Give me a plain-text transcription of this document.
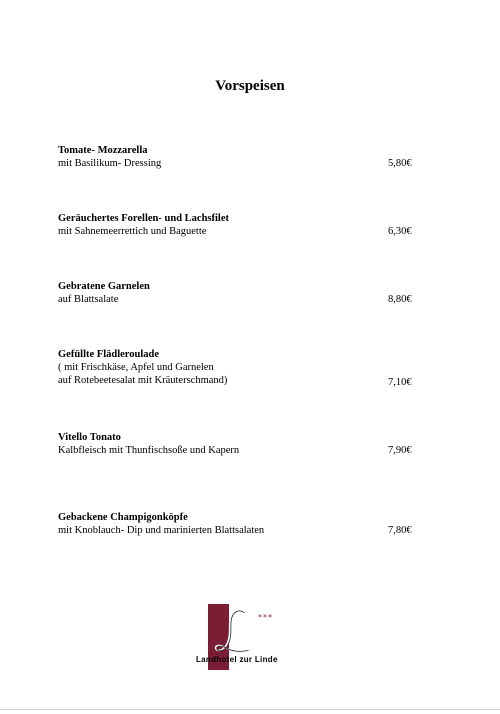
Vorspeisen
Tomate- Mozzarella
mit Basilikum- Dressing	5,80€
Geräuchertes Forellen- und Lachsfilet
mit Sahnemeerrettich und Baguette	6,30€
Gebratene Garnelen
auf Blattsalate	8,80€
Gefüllte Flädleroulade
( mit Frischkäse, Apfel und Garnelen
auf Rotebeetesalat mit Kräuterschmand)	7,10€
Vitello Tonato
Kalbfleisch mit Thunfischsoße und Kapern	7,90€
Gebackene Champigonköpfe
mit Knoblauch- Dip und marinierten Blattsalaten	7,80€
***
Landhotel zur Linde
